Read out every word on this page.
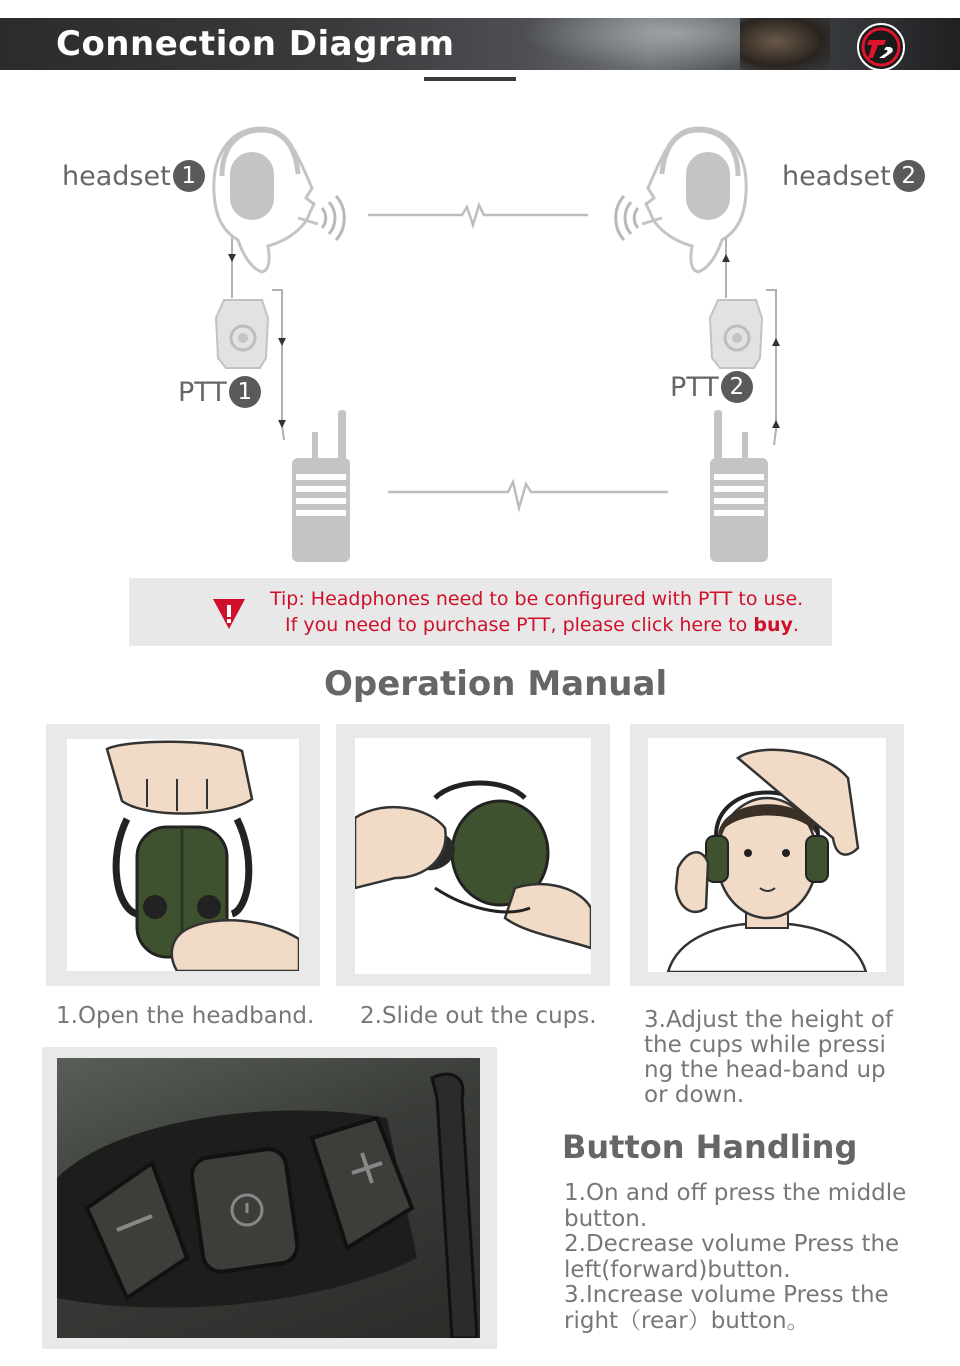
Connection Diagram
headset 1	headset 2
PTT 1	PTT 2
Tip: Headphones need to be configured with PTT to use.
If you need to purchase PTT, please click here to buy.
Operation Manual
1.Open the headband. 2.Slide out the cups. 3.Adjust the height of the cups while pressi ng the head-band up or down.
Button Handling
1.On and off press the middle button.
2.Decrease volume Press the left(forward)button.
3.Increase volume Press the right（rear）button。
